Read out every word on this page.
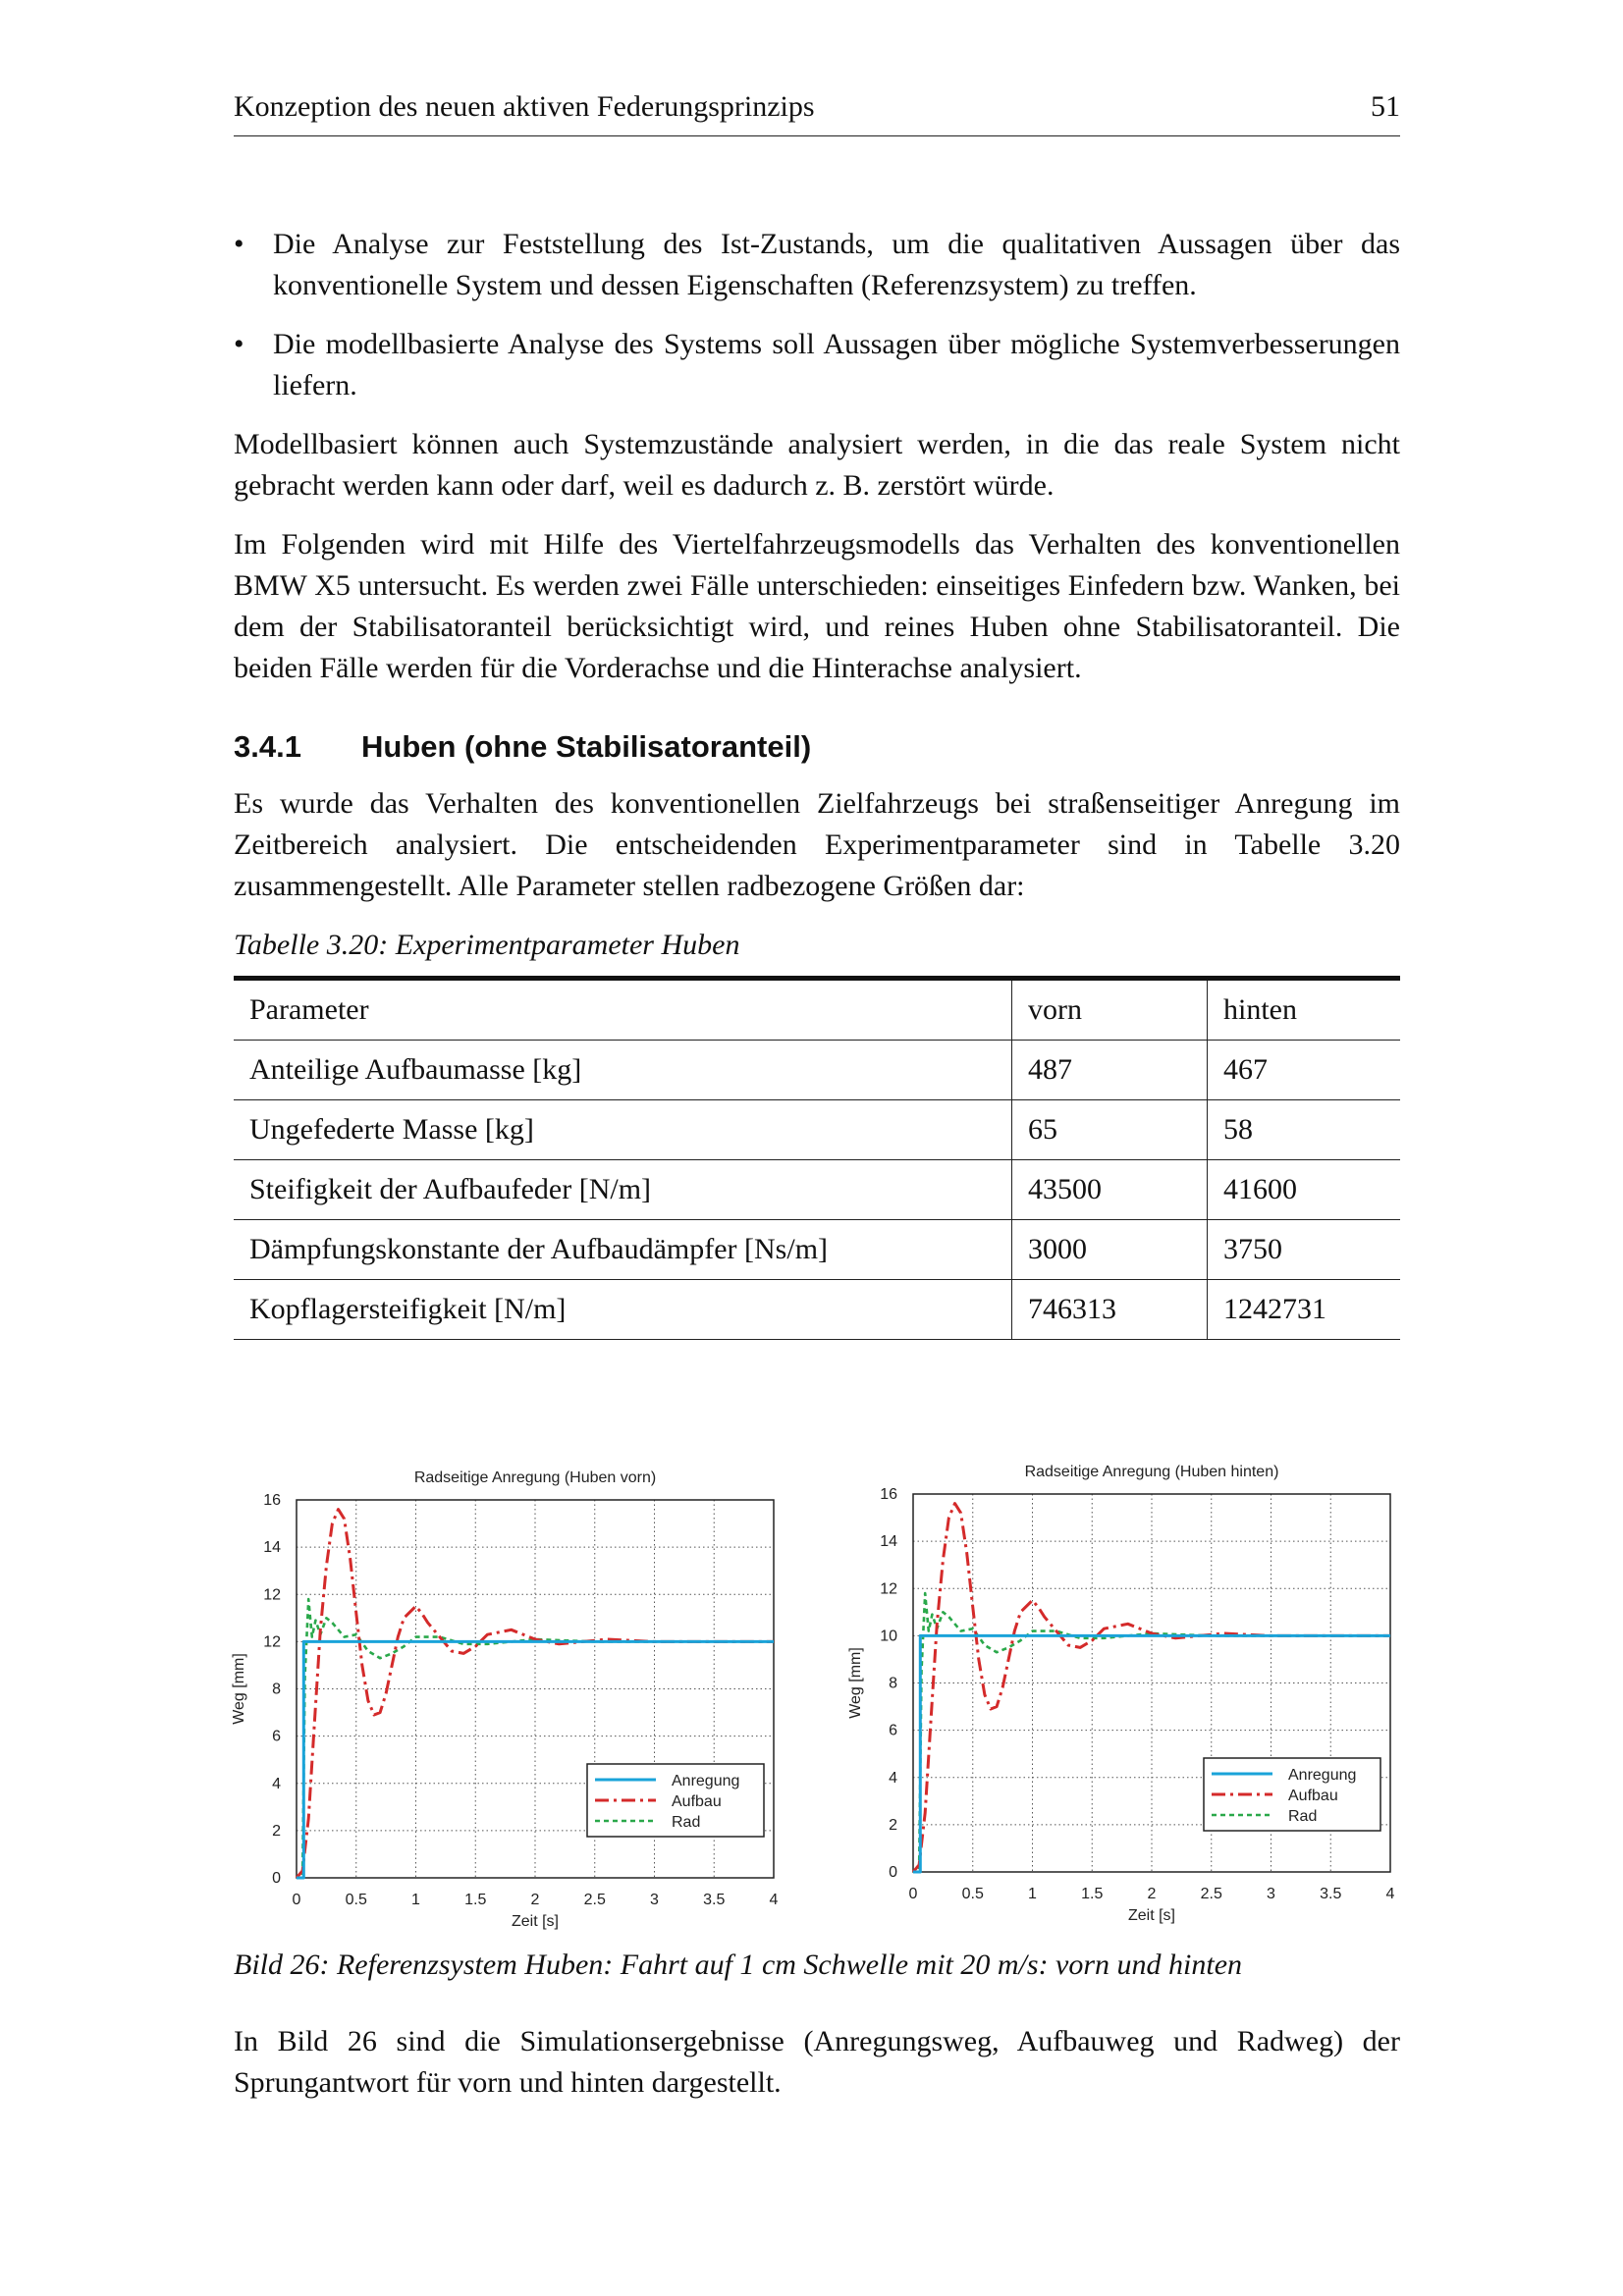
Konzeption des neuen aktiven Federungsprinzips	51
• Die Analyse zur Feststellung des Ist-Zustands, um die qualitativen Aussagen über das konventionelle System und dessen Eigenschaften (Referenzsystem) zu treffen.
• Die modellbasierte Analyse des Systems soll Aussagen über mögliche Systemverbesserungen liefern.

Modellbasiert können auch Systemzustände analysiert werden, in die das reale System nicht gebracht werden kann oder darf, weil es dadurch z. B. zerstört würde.

Im Folgenden wird mit Hilfe des Viertelfahrzeugsmodells das Verhalten des konventionellen BMW X5 untersucht. Es werden zwei Fälle unterschieden: einseitiges Einfedern bzw. Wanken, bei dem der Stabilisatoranteil berücksichtigt wird, und reines Huben ohne Stabilisatoranteil. Die beiden Fälle werden für die Vorderachse und die Hinterachse analysiert.

3.4.1 Huben (ohne Stabilisatoranteil)

Es wurde das Verhalten des konventionellen Zielfahrzeugs bei straßenseitiger Anregung im Zeitbereich analysiert. Die entscheidenden Experimentparameter sind in Tabelle 3.20 zusammengestellt. Alle Parameter stellen radbezogene Größen dar:

Tabelle 3.20: Experimentparameter Huben
Parameter	vorn	hinten
Anteilige Aufbaumasse [kg]	487	467
Ungefederte Masse [kg]	65	58
Steifigkeit der Aufbaufeder [N/m]	43500	41600
Dämpfungskonstante der Aufbaudämpfer [Ns/m]	3000	3750
Kopflagersteifigkeit [N/m]	746313	1242731
Radseitige Anregung (Huben vorn)
0	0.5	1	1.5	2	2.5	3	3.5	4
0
2
4
6
8
12
12
14
16
Zeit [s]
Weg [mm]
Anregung
Aufbau
Rad
Radseitige Anregung (Huben hinten)
0	0.5	1	1.5	2	2.5	3	3.5	4
0
2
4
6
8
10
12
14
16
Zeit [s]
Weg [mm]
Anregung
Aufbau
Rad
Bild 26: Referenzsystem Huben: Fahrt auf 1 cm Schwelle mit 20 m/s: vorn und hinten
In Bild 26 sind die Simulationsergebnisse (Anregungsweg, Aufbauweg und Radweg) der Sprungantwort für vorn und hinten dargestellt.
